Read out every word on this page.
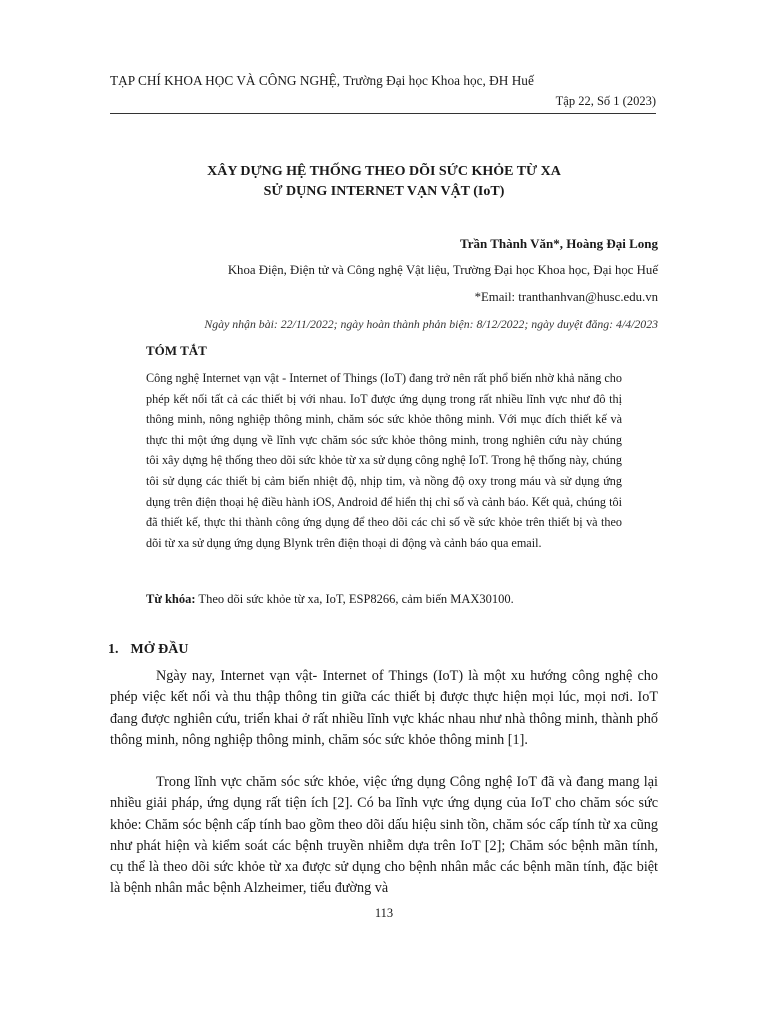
TẠP CHÍ KHOA HỌC VÀ CÔNG NGHỆ, Trường Đại học Khoa học, ĐH Huế
Tập 22, Số 1 (2023)
XÂY DỰNG HỆ THỐNG THEO DÕI SỨC KHỎE TỪ XA
SỬ DỤNG INTERNET VẠN VẬT (IoT)
Trần Thành Văn*, Hoàng Đại Long
Khoa Điện, Điện tử và Công nghệ Vật liệu, Trường Đại học Khoa học, Đại học Huế
*Email: tranthanhvan@husc.edu.vn
Ngày nhận bài: 22/11/2022; ngày hoàn thành phản biện: 8/12/2022; ngày duyệt đăng: 4/4/2023
TÓM TẮT
Công nghệ Internet vạn vật - Internet of Things (IoT) đang trở nên rất phổ biến nhờ khả năng cho phép kết nối tất cả các thiết bị với nhau. IoT được ứng dụng trong rất nhiều lĩnh vực như đô thị thông minh, nông nghiệp thông minh, chăm sóc sức khỏe thông minh. Với mục đích thiết kế và thực thi một ứng dụng về lĩnh vực chăm sóc sức khỏe thông minh, trong nghiên cứu này chúng tôi xây dựng hệ thống theo dõi sức khỏe từ xa sử dụng công nghệ IoT. Trong hệ thống này, chúng tôi sử dụng các thiết bị cảm biến nhiệt độ, nhịp tim, và nồng độ oxy trong máu và sử dụng ứng dụng trên điện thoại hệ điều hành iOS, Android để hiển thị chỉ số và cảnh báo. Kết quả, chúng tôi đã thiết kế, thực thi thành công ứng dụng để theo dõi các chỉ số về sức khỏe trên thiết bị và theo dõi từ xa sử dụng ứng dụng Blynk trên điện thoại di động và cảnh báo qua email.
Từ khóa: Theo dõi sức khỏe từ xa, IoT, ESP8266, cảm biến MAX30100.
1. MỞ ĐẦU
Ngày nay, Internet vạn vật- Internet of Things (IoT) là một xu hướng công nghệ cho phép việc kết nối và thu thập thông tin giữa các thiết bị được thực hiện mọi lúc, mọi nơi. IoT đang được nghiên cứu, triển khai ở rất nhiều lĩnh vực khác nhau như nhà thông minh, thành phố thông minh, nông nghiệp thông minh, chăm sóc sức khỏe thông minh [1].
Trong lĩnh vực chăm sóc sức khỏe, việc ứng dụng Công nghệ IoT đã và đang mang lại nhiều giải pháp, ứng dụng rất tiện ích [2]. Có ba lĩnh vực ứng dụng của IoT cho chăm sóc sức khỏe: Chăm sóc bệnh cấp tính bao gồm theo dõi dấu hiệu sinh tồn, chăm sóc cấp tính từ xa cũng như phát hiện và kiểm soát các bệnh truyền nhiễm dựa trên IoT [2]; Chăm sóc bệnh mãn tính, cụ thể là theo dõi sức khỏe từ xa được sử dụng cho bệnh nhân mắc các bệnh mãn tính, đặc biệt là bệnh nhân mắc bệnh Alzheimer, tiểu đường và
113
